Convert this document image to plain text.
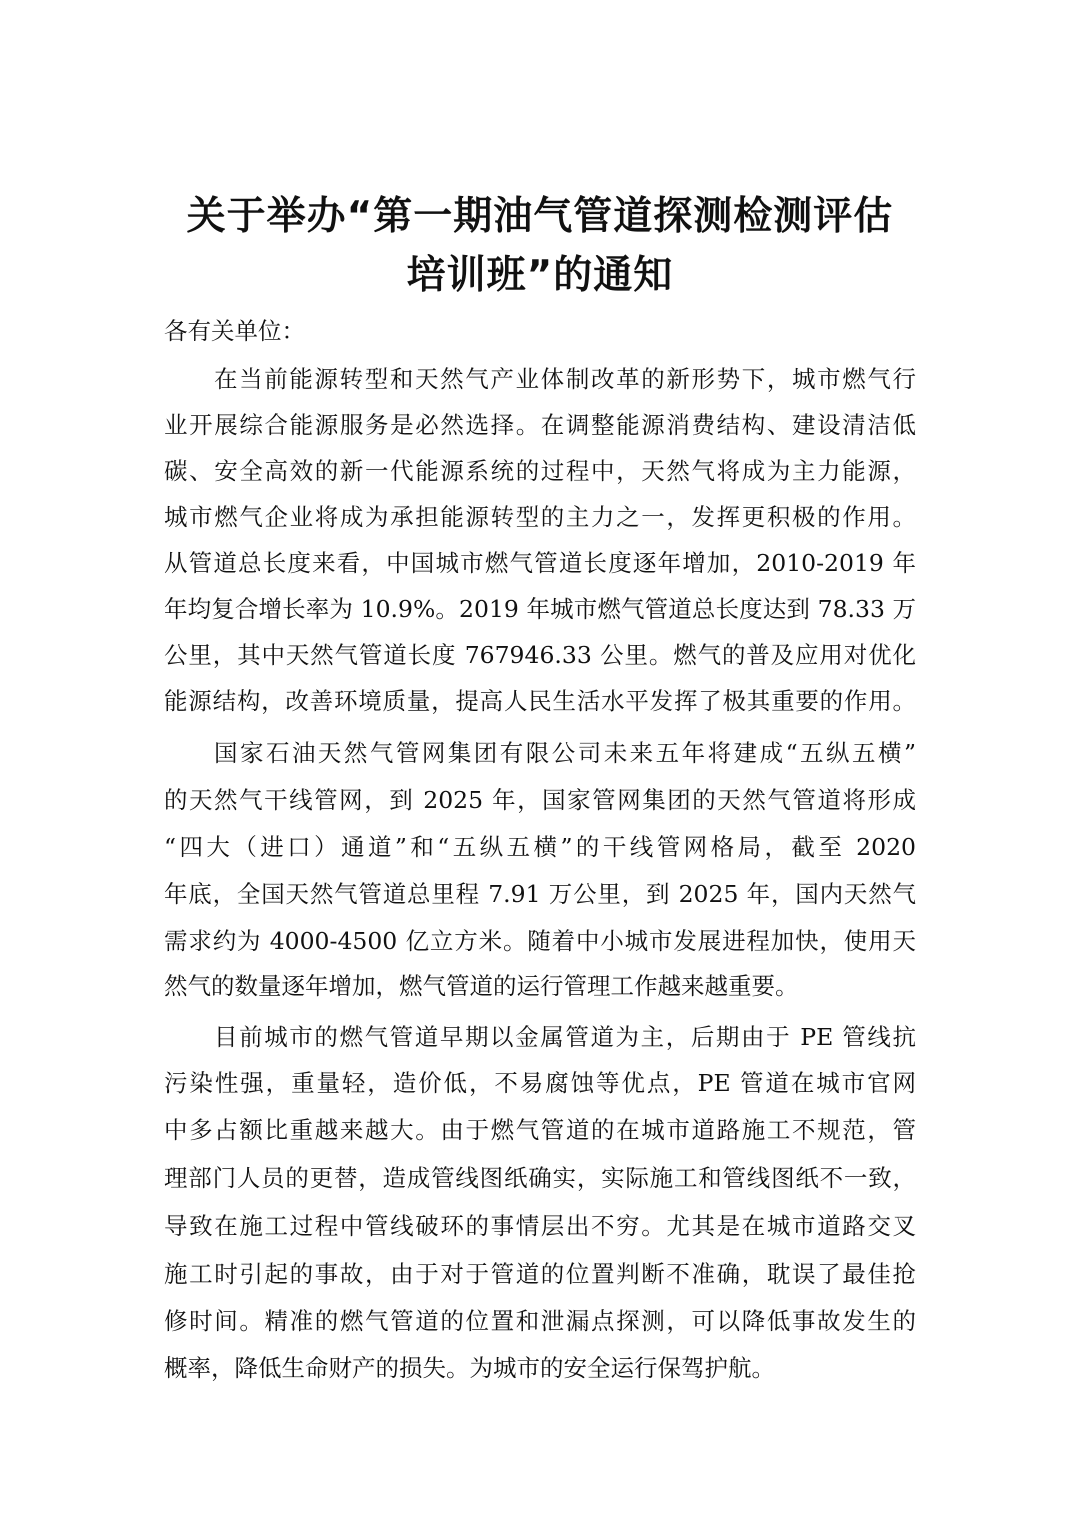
关于举办“第一期油气管道探测检测评估
培训班”的通知
各有关单位：
在当前能源转型和天然气产业体制改革的新形势下，城市燃气行
业开展综合能源服务是必然选择。在调整能源消费结构、建设清洁低
碳、安全高效的新一代能源系统的过程中，天然气将成为主力能源，
城市燃气企业将成为承担能源转型的主力之一，发挥更积极的作用。
从管道总长度来看，中国城市燃气管道长度逐年增加，2010-2019 年
年均复合增长率为 10.9%。2019 年城市燃气管道总长度达到 78.33 万
公里，其中天然气管道长度 767946.33 公里。燃气的普及应用对优化
能源结构，改善环境质量，提高人民生活水平发挥了极其重要的作用。
国家石油天然气管网集团有限公司未来五年将建成“五纵五横”
的天然气干线管网，到 2025 年，国家管网集团的天然气管道将形成
“四大（进口）通道”和“五纵五横”的干线管网格局，截至 2020
年底，全国天然气管道总里程 7.91 万公里，到 2025 年，国内天然气
需求约为 4000-4500 亿立方米。随着中小城市发展进程加快，使用天
然气的数量逐年增加，燃气管道的运行管理工作越来越重要。
目前城市的燃气管道早期以金属管道为主，后期由于 PE 管线抗
污染性强，重量轻，造价低，不易腐蚀等优点，PE 管道在城市官网
中多占额比重越来越大。由于燃气管道的在城市道路施工不规范，管
理部门人员的更替，造成管线图纸确实，实际施工和管线图纸不一致，
导致在施工过程中管线破环的事情层出不穷。尤其是在城市道路交叉
施工时引起的事故，由于对于管道的位置判断不准确，耽误了最佳抢
修时间。精准的燃气管道的位置和泄漏点探测，可以降低事故发生的
概率，降低生命财产的损失。为城市的安全运行保驾护航。
